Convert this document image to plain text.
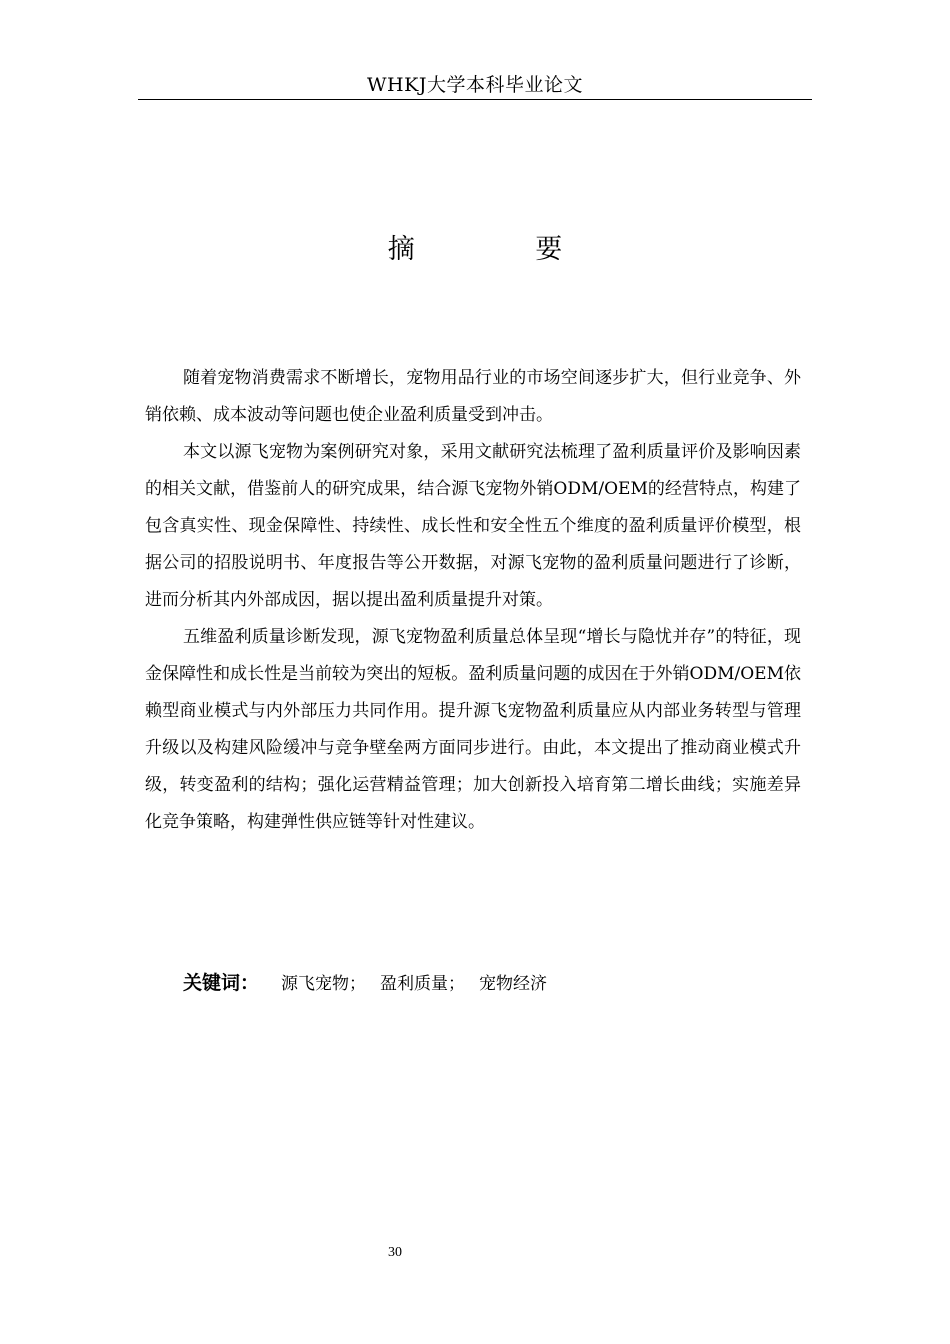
WHKJ大学本科毕业论文
摘 要

随着宠物消费需求不断增长，宠物用品行业的市场空间逐步扩大，但行业竞争、外销依赖、成本波动等问题也使企业盈利质量受到冲击。

本文以源飞宠物为案例研究对象，采用文献研究法梳理了盈利质量评价及影响因素的相关文献，借鉴前人的研究成果，结合源飞宠物外销ODM/OEM的经营特点，构建了包含真实性、现金保障性、持续性、成长性和安全性五个维度的盈利质量评价模型，根据公司的招股说明书、年度报告等公开数据，对源飞宠物的盈利质量问题进行了诊断，进而分析其内外部成因，据以提出盈利质量提升对策。

五维盈利质量诊断发现，源飞宠物盈利质量总体呈现“增长与隐忧并存”的特征，现金保障性和成长性是当前较为突出的短板。盈利质量问题的成因在于外销ODM/OEM依赖型商业模式与内外部压力共同作用。提升源飞宠物盈利质量应从内部业务转型与管理升级以及构建风险缓冲与竞争壁垒两方面同步进行。由此，本文提出了推动商业模式升级，转变盈利的结构；强化运营精益管理；加大创新投入培育第二增长曲线；实施差异化竞争策略，构建弹性供应链等针对性建议。

关键词： 源飞宠物； 盈利质量； 宠物经济
30
